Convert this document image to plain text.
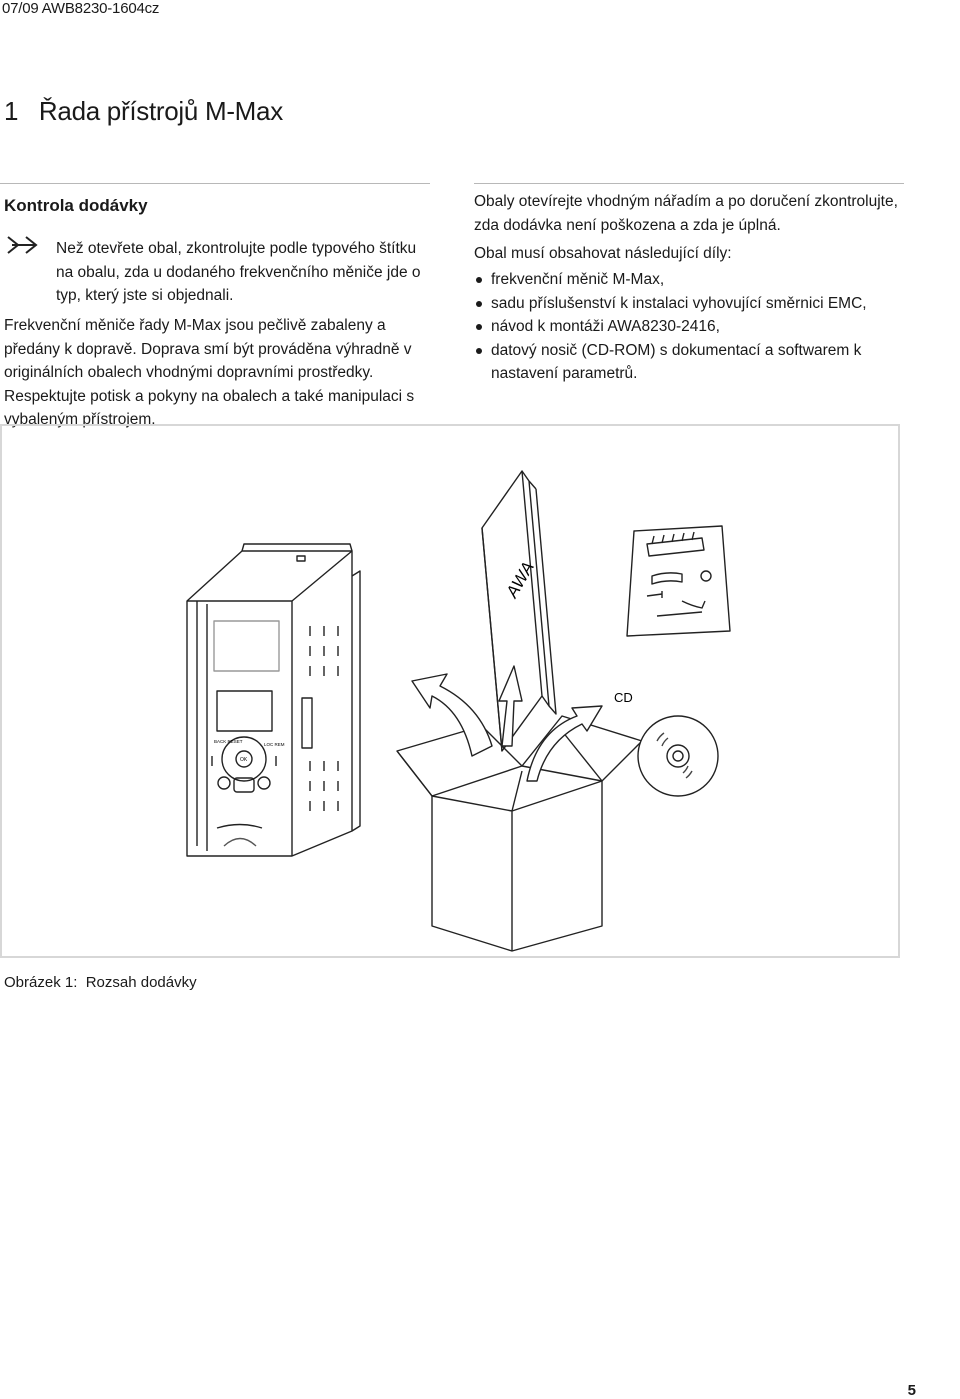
07/09 AWB8230-1604cz
1   Řada přístrojů M-Max
Kontrola dodávky
Než otevřete obal, zkontrolujte podle typového štítku na obalu, zda u dodaného frekvenčního měniče jde o typ, který jste si objednali.
Frekvenční měniče řady M-Max jsou pečlivě zabaleny a předány k dopravě. Doprava smí být prováděna výhradně v originálních obalech vhodnými dopravními prostředky. Respektujte potisk a pokyny na obalech a také manipulaci s vybaleným přístrojem.
Obaly otevírejte vhodným nářadím a po doručení zkontrolujte, zda dodávka není poškozena a zda je úplná.
Obal musí obsahovat následující díly:
frekvenční měnič M-Max,
sadu příslušenství k instalaci vyhovující směrnici EMC,
návod k montáži AWA8230-2416,
datový nosič (CD-ROM) s dokumentací a softwarem k nastavení parametrů.
AWA
CD
BACK RESET
LOC REM
OK
Obrázek 1:  Rozsah dodávky
5
